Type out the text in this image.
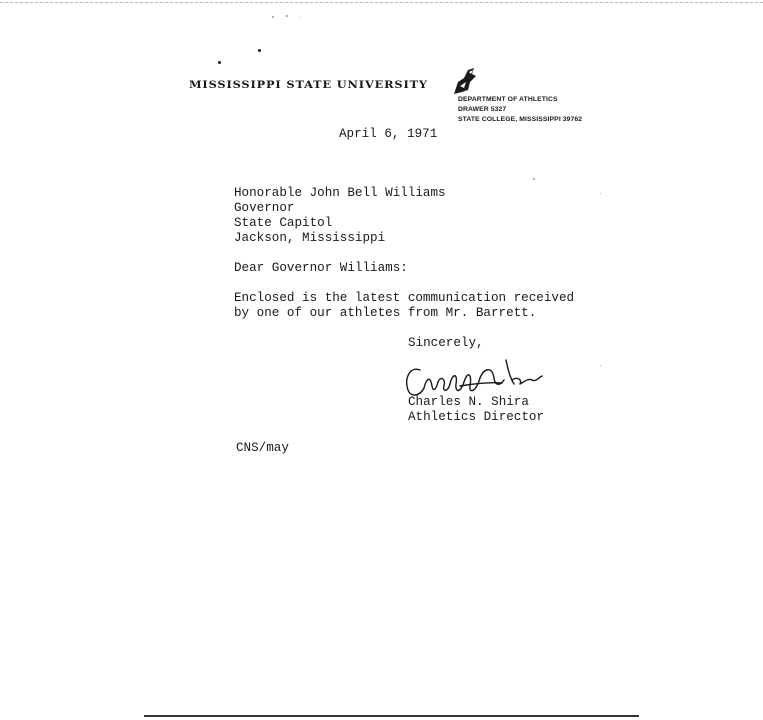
MISSISSIPPI STATE UNIVERSITY
DEPARTMENT OF ATHLETICS
DRAWER 5327
STATE COLLEGE, MISSISSIPPI 39762
April 6, 1971
Honorable John Bell Williams
Governor
State Capitol
Jackson, Mississippi
Dear Governor Williams:
Enclosed is the latest communication received
by one of our athletes from Mr. Barrett.
Sincerely,
Charles N. Shira
Athletics Director
CNS/may
